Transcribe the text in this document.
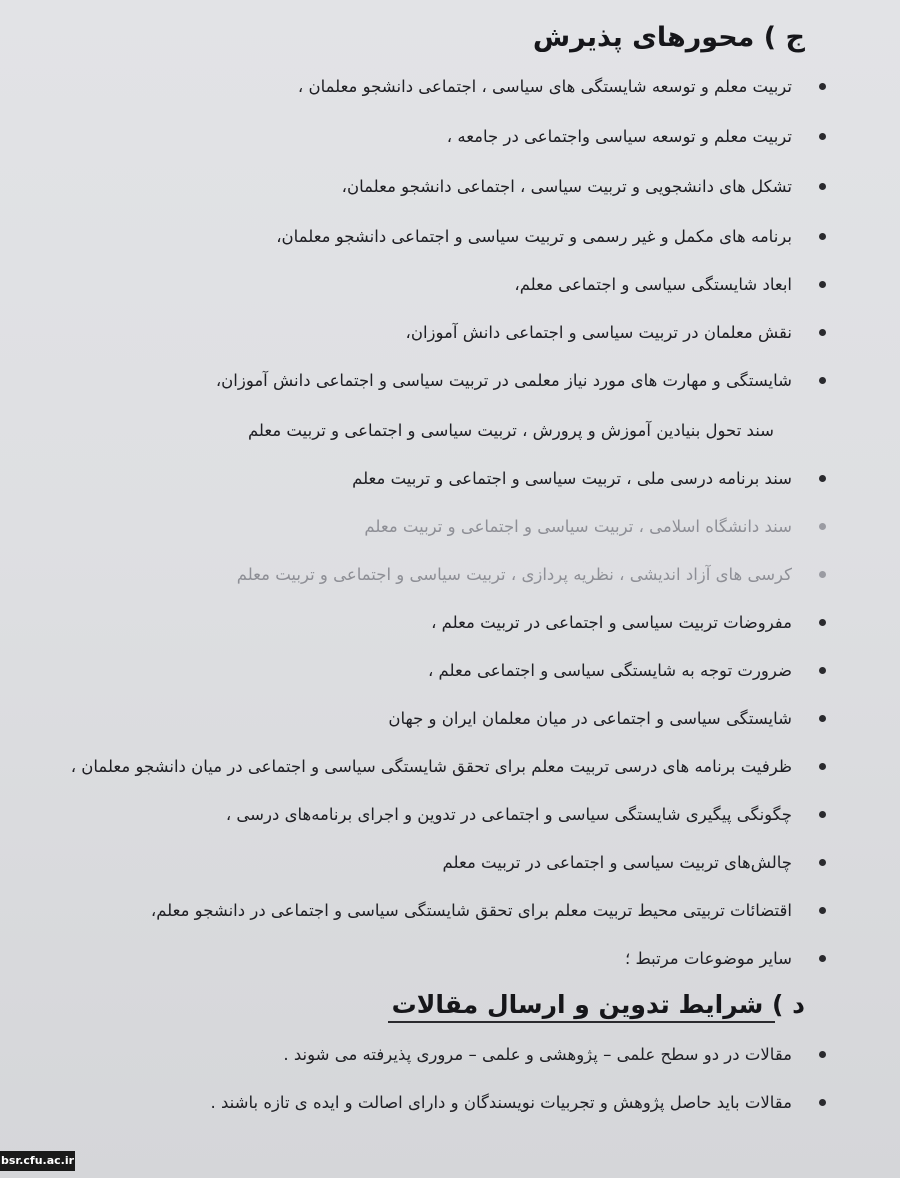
ج ) محورهای پذیرش
تربیت معلم و توسعه شایستگی های سیاسی ، اجتماعی دانشجو معلمان ،
تربیت معلم و توسعه سیاسی واجتماعی در جامعه ،
تشکل های دانشجویی و تربیت سیاسی ، اجتماعی دانشجو معلمان،
برنامه های مکمل و غیر رسمی و تربیت سیاسی و اجتماعی دانشجو معلمان،
ابعاد شایستگی سیاسی و اجتماعی معلم،
نقش معلمان در تربیت سیاسی و اجتماعی دانش آموزان،
شایستگی و مهارت های مورد نیاز معلمی در تربیت سیاسی و اجتماعی دانش آموزان،
سند تحول بنیادین آموزش و پرورش ، تربیت سیاسی و اجتماعی و تربیت معلم
سند برنامه درسی ملی ، تربیت سیاسی و اجتماعی و تربیت معلم
سند دانشگاه اسلامی ، تربیت سیاسی و اجتماعی و تربیت معلم
کرسی های آزاد اندیشی ، نظریه پردازی ، تربیت سیاسی و اجتماعی و تربیت معلم
مفروضات تربیت سیاسی و اجتماعی در تربیت معلم ،
ضرورت توجه به شایستگی سیاسی و اجتماعی معلم ،
شایستگی سیاسی و اجتماعی در میان معلمان ایران و جهان
ظرفیت برنامه های درسی تربیت معلم برای تحقق شایستگی سیاسی و اجتماعی در میان دانشجو معلمان ،
چگونگی پیگیری شایستگی سیاسی و اجتماعی در تدوین و اجرای برنامه‌های درسی ،
چالش‌های تربیت سیاسی و اجتماعی در تربیت معلم
اقتضائات تربیتی محیط تربیت معلم برای تحقق شایستگی سیاسی و اجتماعی در دانشجو معلم،
سایر موضوعات مرتبط ؛
د ) شرایط تدوین و ارسال مقالات
مقالات در دو سطح علمی – پژوهشی و علمی – مروری پذیرفته می شوند .
مقالات باید حاصل پژوهش و تجربیات نویسندگان و دارای اصالت و ایده ی تازه باشند .
bsr.cfu.ac.ir
